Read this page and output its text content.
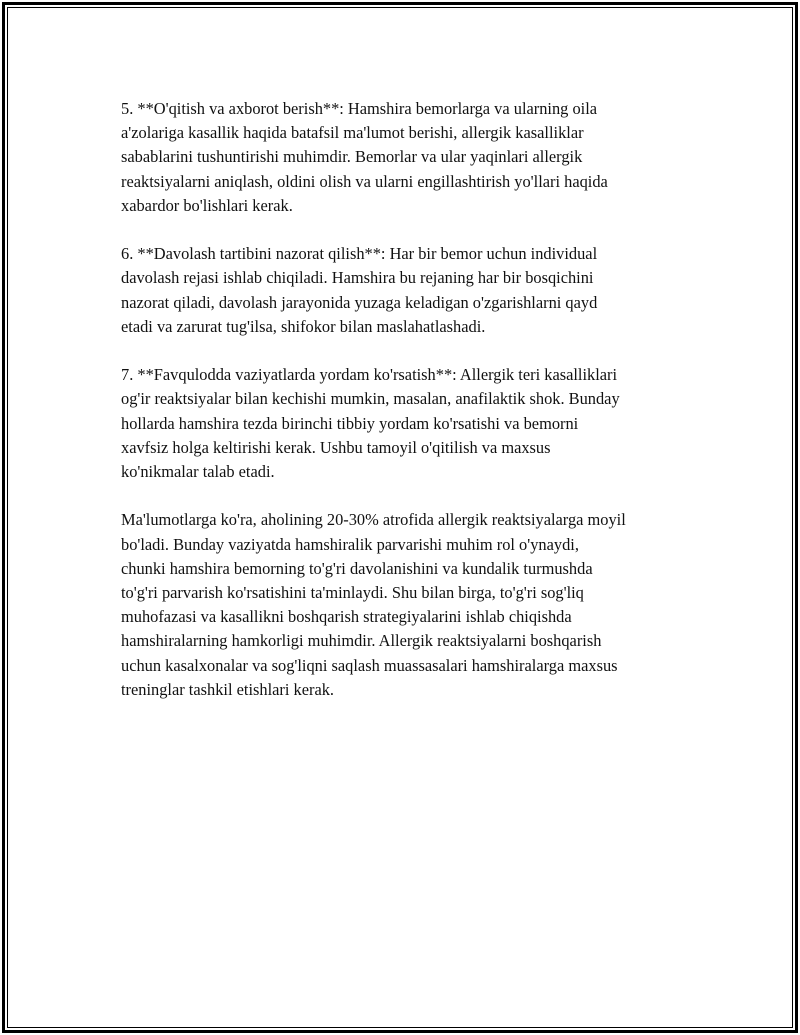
5. **O'qitish va axborot berish**: Hamshira bemorlarga va ularning oila
a'zolariga kasallik haqida batafsil ma'lumot berishi, allergik kasalliklar
sabablarini tushuntirishi muhimdir. Bemorlar va ular yaqinlari allergik
reaktsiyalarni aniqlash, oldini olish va ularni engillashtirish yo'llari haqida
xabardor bo'lishlari kerak.

6. **Davolash tartibini nazorat qilish**: Har bir bemor uchun individual
davolash rejasi ishlab chiqiladi. Hamshira bu rejaning har bir bosqichini
nazorat qiladi, davolash jarayonida yuzaga keladigan o'zgarishlarni qayd
etadi va zarurat tug'ilsa, shifokor bilan maslahatlashadi.

7. **Favqulodda vaziyatlarda yordam ko'rsatish**: Allergik teri kasalliklari
og'ir reaktsiyalar bilan kechishi mumkin, masalan, anafilaktik shok. Bunday
hollarda hamshira tezda birinchi tibbiy yordam ko'rsatishi va bemorni
xavfsiz holga keltirishi kerak. Ushbu tamoyil o'qitilish va maxsus
ko'nikmalar talab etadi.

Ma'lumotlarga ko'ra, aholining 20-30% atrofida allergik reaktsiyalarga moyil
bo'ladi. Bunday vaziyatda hamshiralik parvarishi muhim rol o'ynaydi,
chunki hamshira bemorning to'g'ri davolanishini va kundalik turmushda
to'g'ri parvarish ko'rsatishini ta'minlaydi. Shu bilan birga, to'g'ri sog'liq
muhofazasi va kasallikni boshqarish strategiyalarini ishlab chiqishda
hamshiralarning hamkorligi muhimdir. Allergik reaktsiyalarni boshqarish
uchun kasalxonalar va sog'liqni saqlash muassasalari hamshiralarga maxsus
treninglar tashkil etishlari kerak.
